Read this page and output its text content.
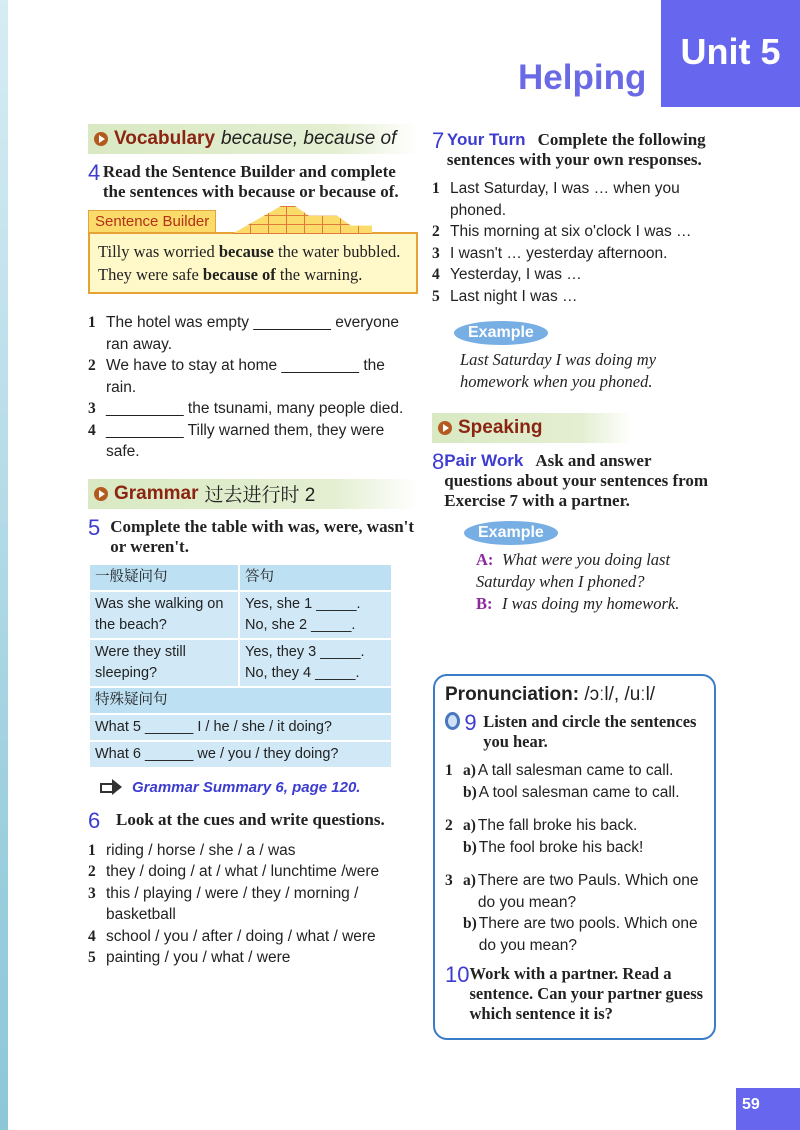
Unit 5
Helping
Vocabulary because, because of
4 Read the Sentence Builder and complete the sentences with because or because of.
Sentence Builder
Tilly was worried because the water bubbled.
They were safe because of the warning.
1 The hotel was empty _________ everyone ran away.
2 We have to stay at home _________ the rain.
3 _________ the tsunami, many people died.
4 _________ Tilly warned them, they were safe.
Grammar 过去进行时 2
5 Complete the table with was, were, wasn't or weren't.
一般疑问句	答句
Was she walking on the beach?	Yes, she 1 _____.
No, she 2 _____.

Were they still sleeping?	Yes, they 3 _____.
No, they 4 _____.

特殊疑问句	
What 5 ______ I / he / she / it doing?	
What 6 ______ we / you / they doing?	
Grammar Summary 6, page 120.
6 Look at the cues and write questions.
1 riding / horse / she / a / was
2 they / doing / at / what / lunchtime /were
3 this / playing / were / they / morning / basketball
4 school / you / after / doing / what / were
5 painting / you / what / were
7 Your Turn Complete the following sentences with your own responses.
1 Last Saturday, I was … when you phoned.
2 This morning at six o'clock I was …
3 I wasn't … yesterday afternoon.
4 Yesterday, I was …
5 Last night I was …
Example
Last Saturday I was doing my homework when you phoned.
Speaking
8 Pair Work Ask and answer questions about your sentences from Exercise 7 with a partner.
Example
A: What were you doing last Saturday when I phoned?
B: I was doing my homework.
Pronunciation: /ɔːl/, /uːl/
9 Listen and circle the sentences you hear.
1 a) A tall salesman came to call.
b) A tool salesman came to call.
2 a) The fall broke his back.
b) The fool broke his back!
3 a) There are two Pauls. Which one do you mean?
b) There are two pools. Which one do you mean?
10 Work with a partner. Read a sentence. Can your partner guess which sentence it is?
59
